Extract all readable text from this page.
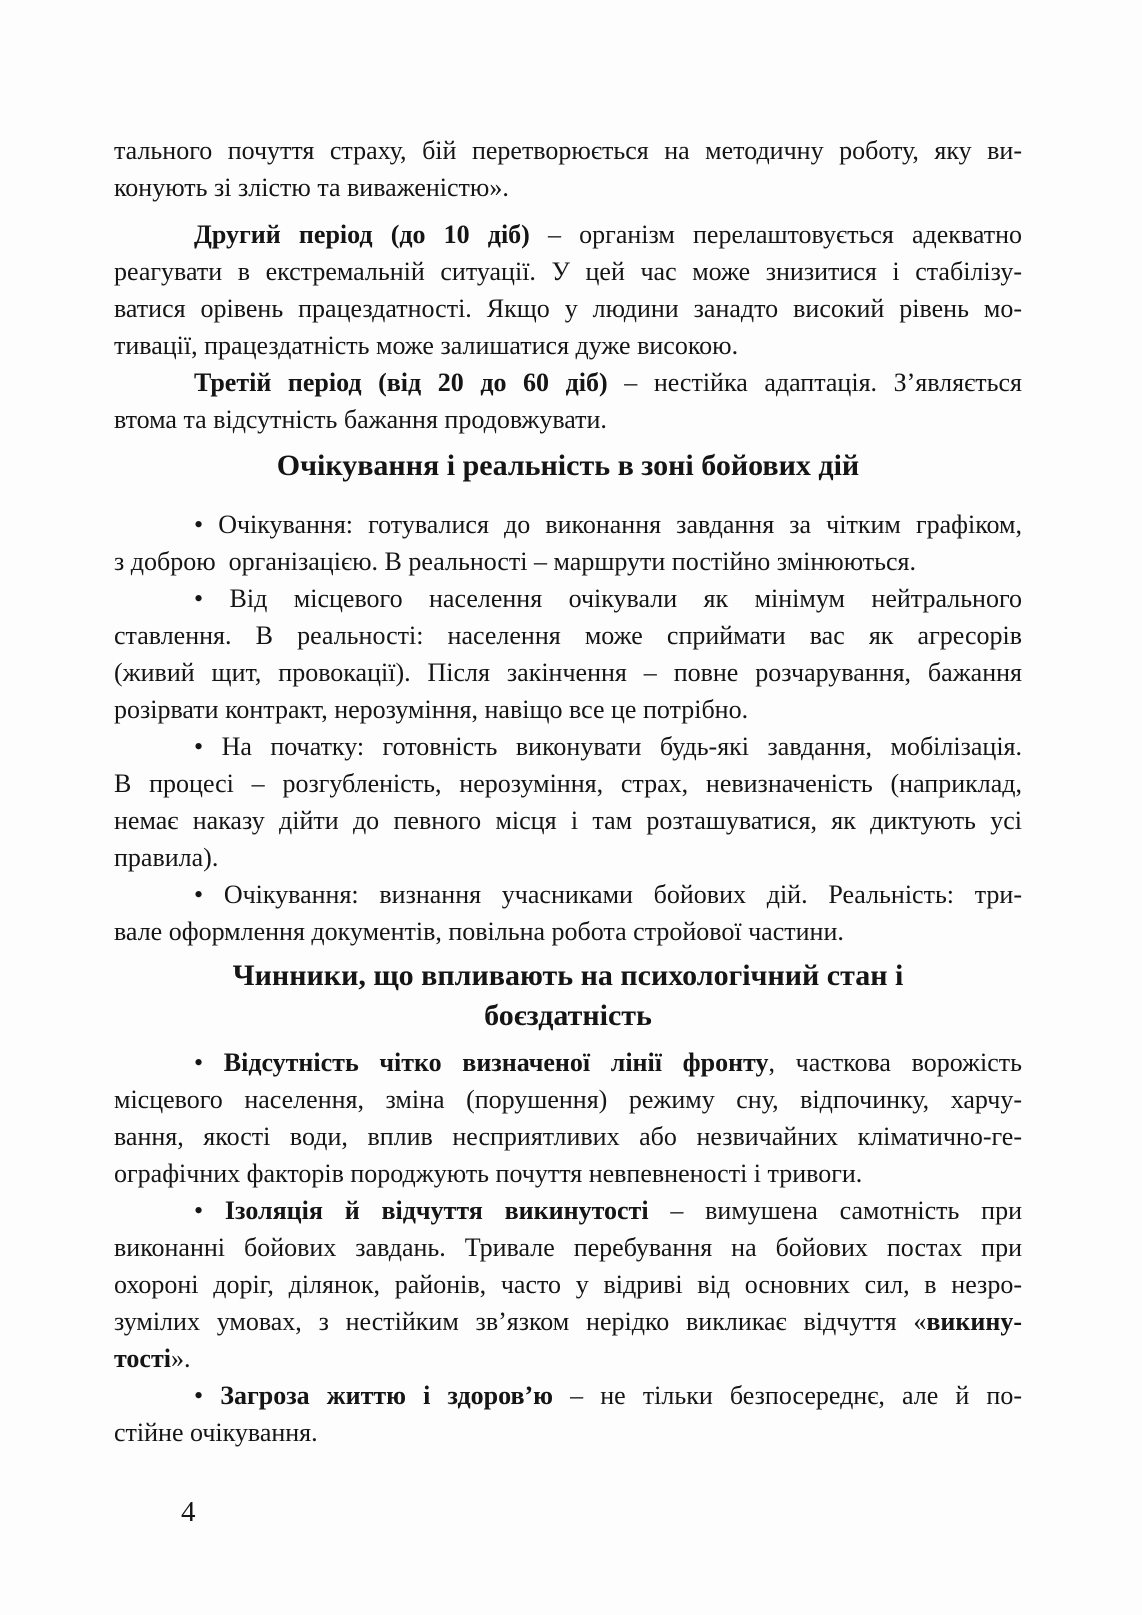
тального почуття страху, бій перетворюється на методичну роботу, яку ви-
конують зі злістю та виваженістю».
Другий період (до 10 діб) – організм перелаштовується адекватно
реагувати в екстремальній ситуації. У цей час може знизитися і стабілізу-
ватися орівень працездатності. Якщо у людини занадто високий рівень мо-
тивації, працездатність може залишатися дуже високою.
Третій період (від 20 до 60 діб) – нестійка адаптація. З’являється
втома та відсутність бажання продовжувати.
Очікування і реальність в зоні бойових дій
• Очікування: готувалися до виконання завдання за чітким графіком,
з доброю  організацією. В реальності – маршрути постійно змінюються.
• Від місцевого населення очікували як мінімум нейтрального
ставлення. В реальності: населення може сприймати вас як агресорів
(живий щит, провокації). Після закінчення – повне розчарування, бажання
розірвати контракт, нерозуміння, навіщо все це потрібно.
• На початку: готовність виконувати будь-які завдання, мобілізація.
В процесі – розгубленість, нерозуміння, страх, невизначеність (наприклад,
немає наказу дійти до певного місця і там розташуватися, як диктують усі
правила).
• Очікування: визнання учасниками бойових дій. Реальність: три-
вале оформлення документів, повільна робота стройової частини.
Чинники, що впливають на психологічний стан і
боєздатність
• Відсутність чітко визначеної лінії фронту, часткова ворожість
місцевого населення, зміна (порушення) режиму сну, відпочинку, харчу-
вання, якості води, вплив несприятливих або незвичайних кліматично-ге-
ографічних факторів породжують почуття невпевненості і тривоги.
• Ізоляція й відчуття викинутості – вимушена самотність при
виконанні бойових завдань. Тривале перебування на бойових постах при
охороні доріг, ділянок, районів, часто у відриві від основних сил, в незро-
зумілих умовах, з нестійким зв’язком нерідко викликає відчуття «викину-
тості».
• Загроза життю і здоров’ю – не тільки безпосереднє, але й по-
стійне очікування.
4
